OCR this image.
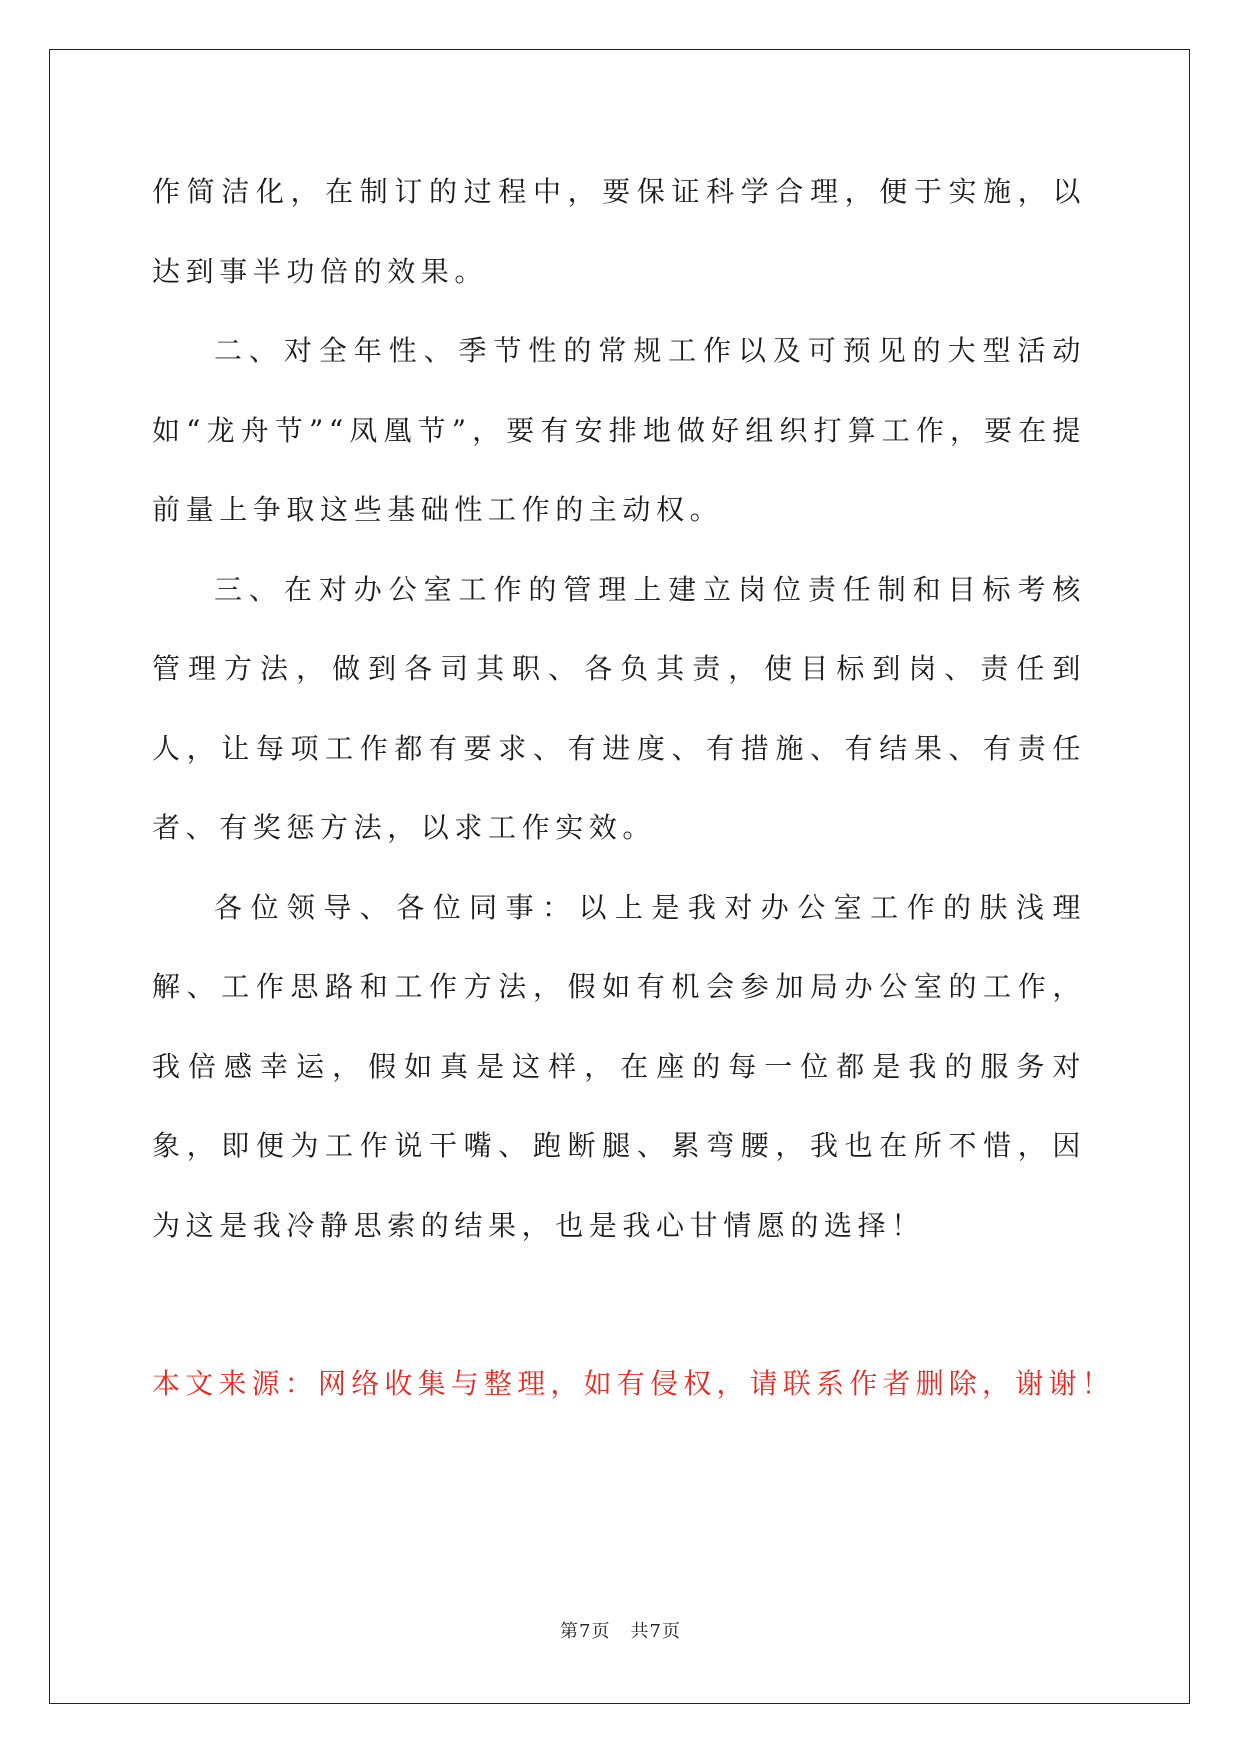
作简洁化，在制订的过程中，要保证科学合理，便于实施，以达到事半功倍的效果。

二、对全年性、季节性的常规工作以及可预见的大型活动如“龙舟节”“凤凰节”，要有安排地做好组织打算工作，要在提前量上争取这些基础性工作的主动权。

三、在对办公室工作的管理上建立岗位责任制和目标考核管理方法，做到各司其职、各负其责，使目标到岗、责任到人，让每项工作都有要求、有进度、有措施、有结果、有责任者、有奖惩方法，以求工作实效。

各位领导、各位同事：以上是我对办公室工作的肤浅理解、工作思路和工作方法，假如有机会参加局办公室的工作，我倍感幸运，假如真是这样，在座的每一位都是我的服务对象，即便为工作说干嘴、跑断腿、累弯腰，我也在所不惜，因为这是我冷静思索的结果，也是我心甘情愿的选择！

本文来源：网络收集与整理，如有侵权，请联系作者删除，谢谢！

第7页 共7页
